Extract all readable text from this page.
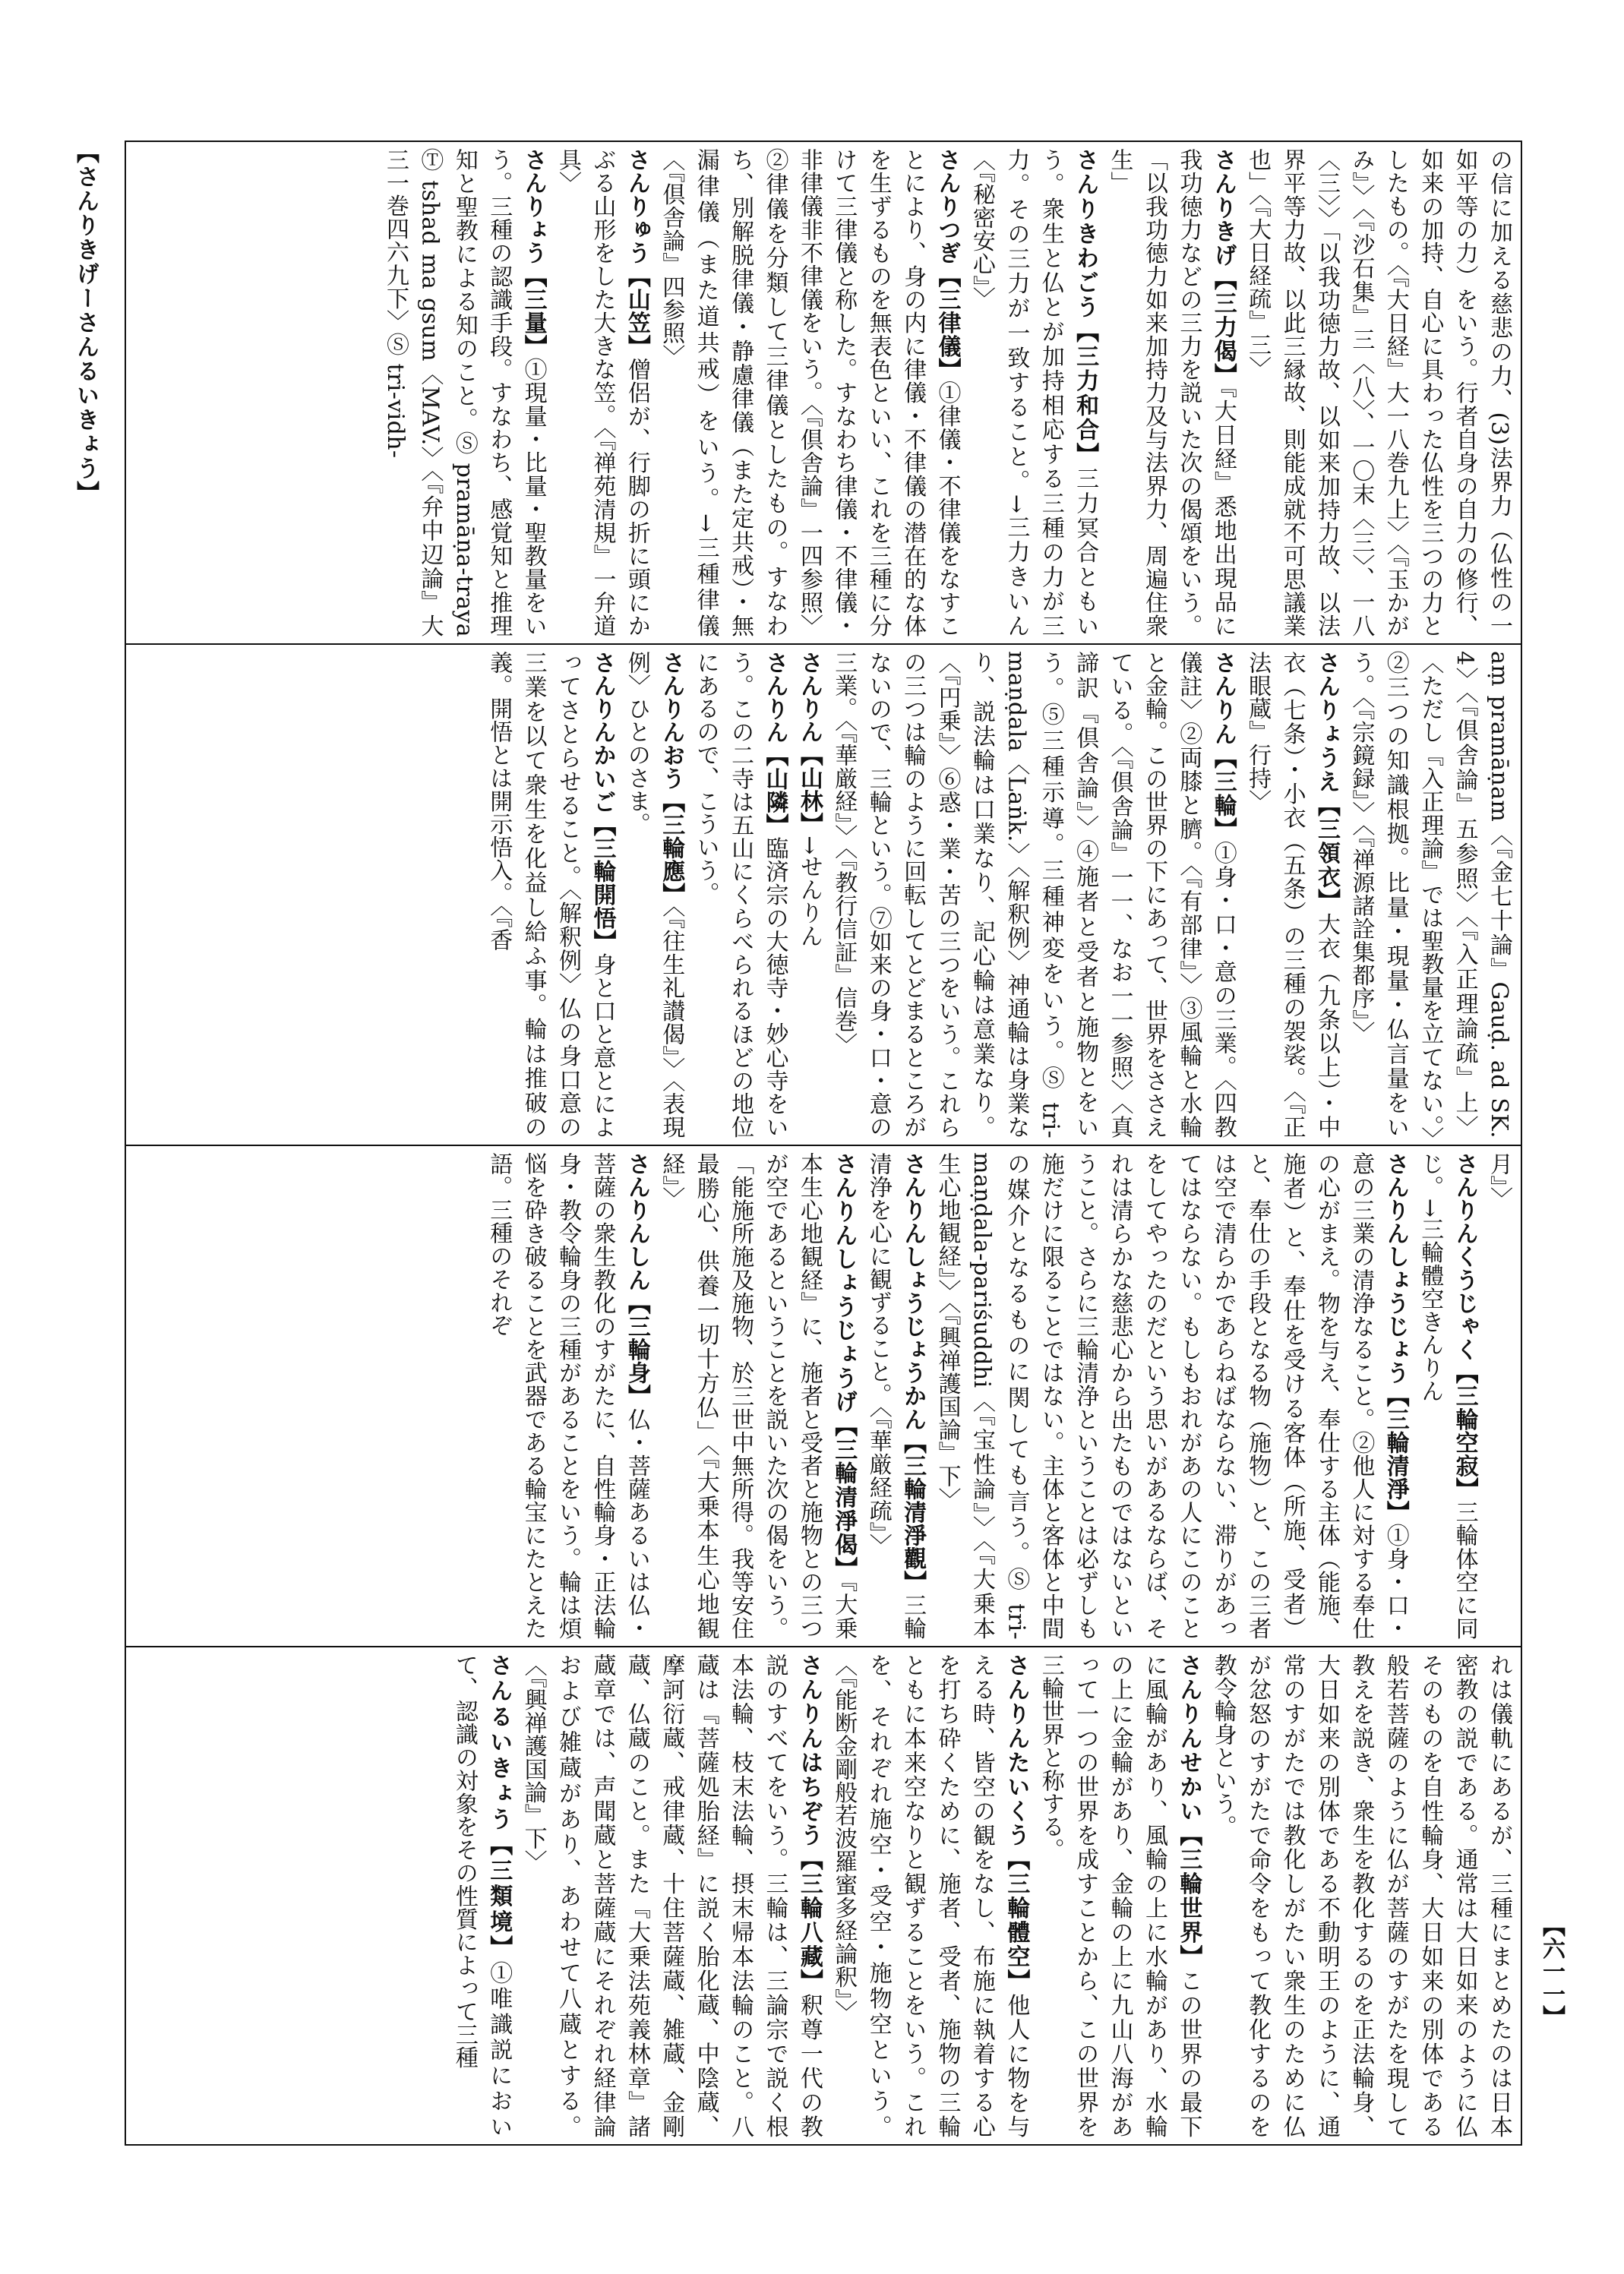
【さんりきげーさんるいきょう】	の信に加える慈悲の力、(3)法界力（仏性の一如平等の力）をいう。行者自身の自力の修行、如来の加持、自心に具わった仏性を三つの力としたもの。〈『大日経』大一八巻九上〉〈『玉かがみ』〉〈『沙石集』三〈八〉、一〇末〈三〉、一八〈三〉〉「以我功徳力故、以如来加持力故、以法界平等力故、以此三縁故、則能成就不可思議業也」〈『大日経疏』三〉さんりきげ【三力偈】『大日経』悉地出現品に我功徳力などの三力を説いた次の偈頌をいう。「以我功徳力如来加持力及与法界力、周遍住衆生」さんりきわごう【三力和合】三力冥合ともいう。衆生と仏とが加持相応する三種の力が三力。その三力が一致すること。→三力きいん〈『秘密安心』〉さんりつぎ【三律儀】①律儀・不律儀をなすことにより、身の内に律儀・不律儀の潜在的な体を生ずるものを無表色といい、これを三種に分けて三律儀と称した。すなわち律儀・不律儀・非律儀非不律儀をいう。〈『倶舎論』一四参照〉②律儀を分類して三律儀としたもの。すなわち、別解脱律儀・静慮律儀（また定共戒）・無漏律儀（また道共戒）をいう。→三種律儀〈『倶舎論』四参照〉さんりゅう【山笠】僧侶が、行脚の折に頭にかぶる山形をした大きな笠。〈『禅苑清規』一弁道具〉さんりょう【三量】①現量・比量・聖教量をいう。三種の認識手段。すなわち、感覚知と推理知と聖教による知のこと。Ⓢ pramāṇa-traya Ⓣ tshad ma gsum〈MAV.〉〈『弁中辺論』大三一巻四六九下〉Ⓢ tri-vidh-
aṃ pramāṇam〈『金七十論』Gauḍ. ad SK. 4〉〈『倶舎論』五参照〉〈『入正理論疏』上〉〈ただし『入正理論』では聖教量を立てない。〉②三つの知識根拠。比量・現量・仏言量をいう。〈『宗鏡録』〉〈『禅源諸詮集都序』〉さんりょうえ【三領衣】大衣（九条以上）・中衣（七条）・小衣（五条）の三種の袈裟。〈『正法眼蔵』行持〉さんりん【三輪】①身・口・意の三業。〈四教儀註〉②両膝と臍。〈『有部律』〉③風輪と水輪と金輪。この世界の下にあって、世界をささえている。〈『倶舎論』一一、なお一一参照〉〈真諦訳『倶舎論』〉④施者と受者と施物とをいう。⑤三種示導。三種神変をいう。Ⓢ tri-maṇḍala〈Laṅk.〉〈解釈例〉神通輪は身業なり、説法輪は口業なり、記心輪は意業なり。〈『円乗』〉⑥惑・業・苦の三つをいう。これらの三つは輪のように回転してとどまるところがないので、三輪という。⑦如来の身・口・意の三業。〈『華厳経』〉〈『教行信証』信巻〉さんりん【山林】→せんりんさんりん【山隣】臨済宗の大徳寺・妙心寺をいう。この二寺は五山にくらべられるほどの地位にあるので、こういう。さんりんおう【三輪應】〈『往生礼讃偈』〉〈表現例〉ひとのさま。さんりんかいご【三輪開悟】身と口と意とによってさとらせること。〈解釈例〉仏の身口意の三業を以て衆生を化益し給ふ事。輪は推破の義。開悟とは開示悟入。〈『香
月』〉さんりんくうじゃく【三輪空寂】三輪体空に同じ。→三輪體空きんりんさんりんしょうじょう【三輪清淨】①身・口・意の三業の清浄なること。②他人に対する奉仕の心がまえ。物を与え、奉仕する主体（能施、施者）と、奉仕を受ける客体（所施、受者）と、奉仕の手段となる物（施物）と、この三者は空で清らかであらねばならない、滞りがあってはならない。もしもおれがあの人にこのことをしてやったのだという思いがあるならば、それは清らかな慈悲心から出たものではないということ。さらに三輪清浄ということは必ずしも施だけに限ることではない。主体と客体と中間の媒介となるものに関しても言う。Ⓢ tri-maṇḍala-pariśuddhi〈『宝性論』〉〈『大乗本生心地観経』〉〈『興禅護国論』下〉さんりんしょうじょうかん【三輪清淨觀】三輪清浄を心に観ずること。〈『華厳経疏』〉さんりんしょうじょうげ【三輪清淨偈】『大乗本生心地観経』に、施者と受者と施物との三つが空であるということを説いた次の偈をいう。「能施所施及施物、於三世中無所得。我等安住最勝心、供養一切十方仏」〈『大乗本生心地観経』〉さんりんしん【三輪身】仏・菩薩あるいは仏・菩薩の衆生教化のすがたに、自性輪身・正法輪身・教令輪身の三種があることをいう。輪は煩悩を砕き破ることを武器である輪宝にたとえた語。三種のそれぞ
れは儀軌にあるが、三種にまとめたのは日本密教の説である。通常は大日如来のように仏そのものを自性輪身、大日如来の別体である般若菩薩のように仏が菩薩のすがたを現して教えを説き、衆生を教化するのを正法輪身、大日如来の別体である不動明王のように、通常のすがたでは教化しがたい衆生のために仏が忿怒のすがたで命令をもって教化するのを教令輪身という。さんりんせかい【三輪世界】この世界の最下に風輪があり、風輪の上に水輪があり、水輪の上に金輪があり、金輪の上に九山八海があって一つの世界を成すことから、この世界を三輪世界と称する。さんりんたいくう【三輪體空】他人に物を与える時、皆空の観をなし、布施に執着する心を打ち砕くために、施者、受者、施物の三輪ともに本来空なりと観ずることをいう。これを、それぞれ施空・受空・施物空という。〈『能断金剛般若波羅蜜多経論釈』〉さんりんはちぞう【三輪八藏】釈尊一代の教説のすべてをいう。三輪は、三論宗で説く根本法輪、枝末法輪、摂末帰本法輪のこと。八蔵は『菩薩処胎経』に説く胎化蔵、中陰蔵、摩訶衍蔵、戒律蔵、十住菩薩蔵、雑蔵、金剛蔵、仏蔵のこと。また『大乗法苑義林章』諸蔵章では、声聞蔵と菩薩蔵にそれぞれ経律論および雑蔵があり、あわせて八蔵とする。〈『興禅護国論』下〉さんるいきょう【三類境】①唯識説において、認識の対象をその性質によって三種	【六一一】
